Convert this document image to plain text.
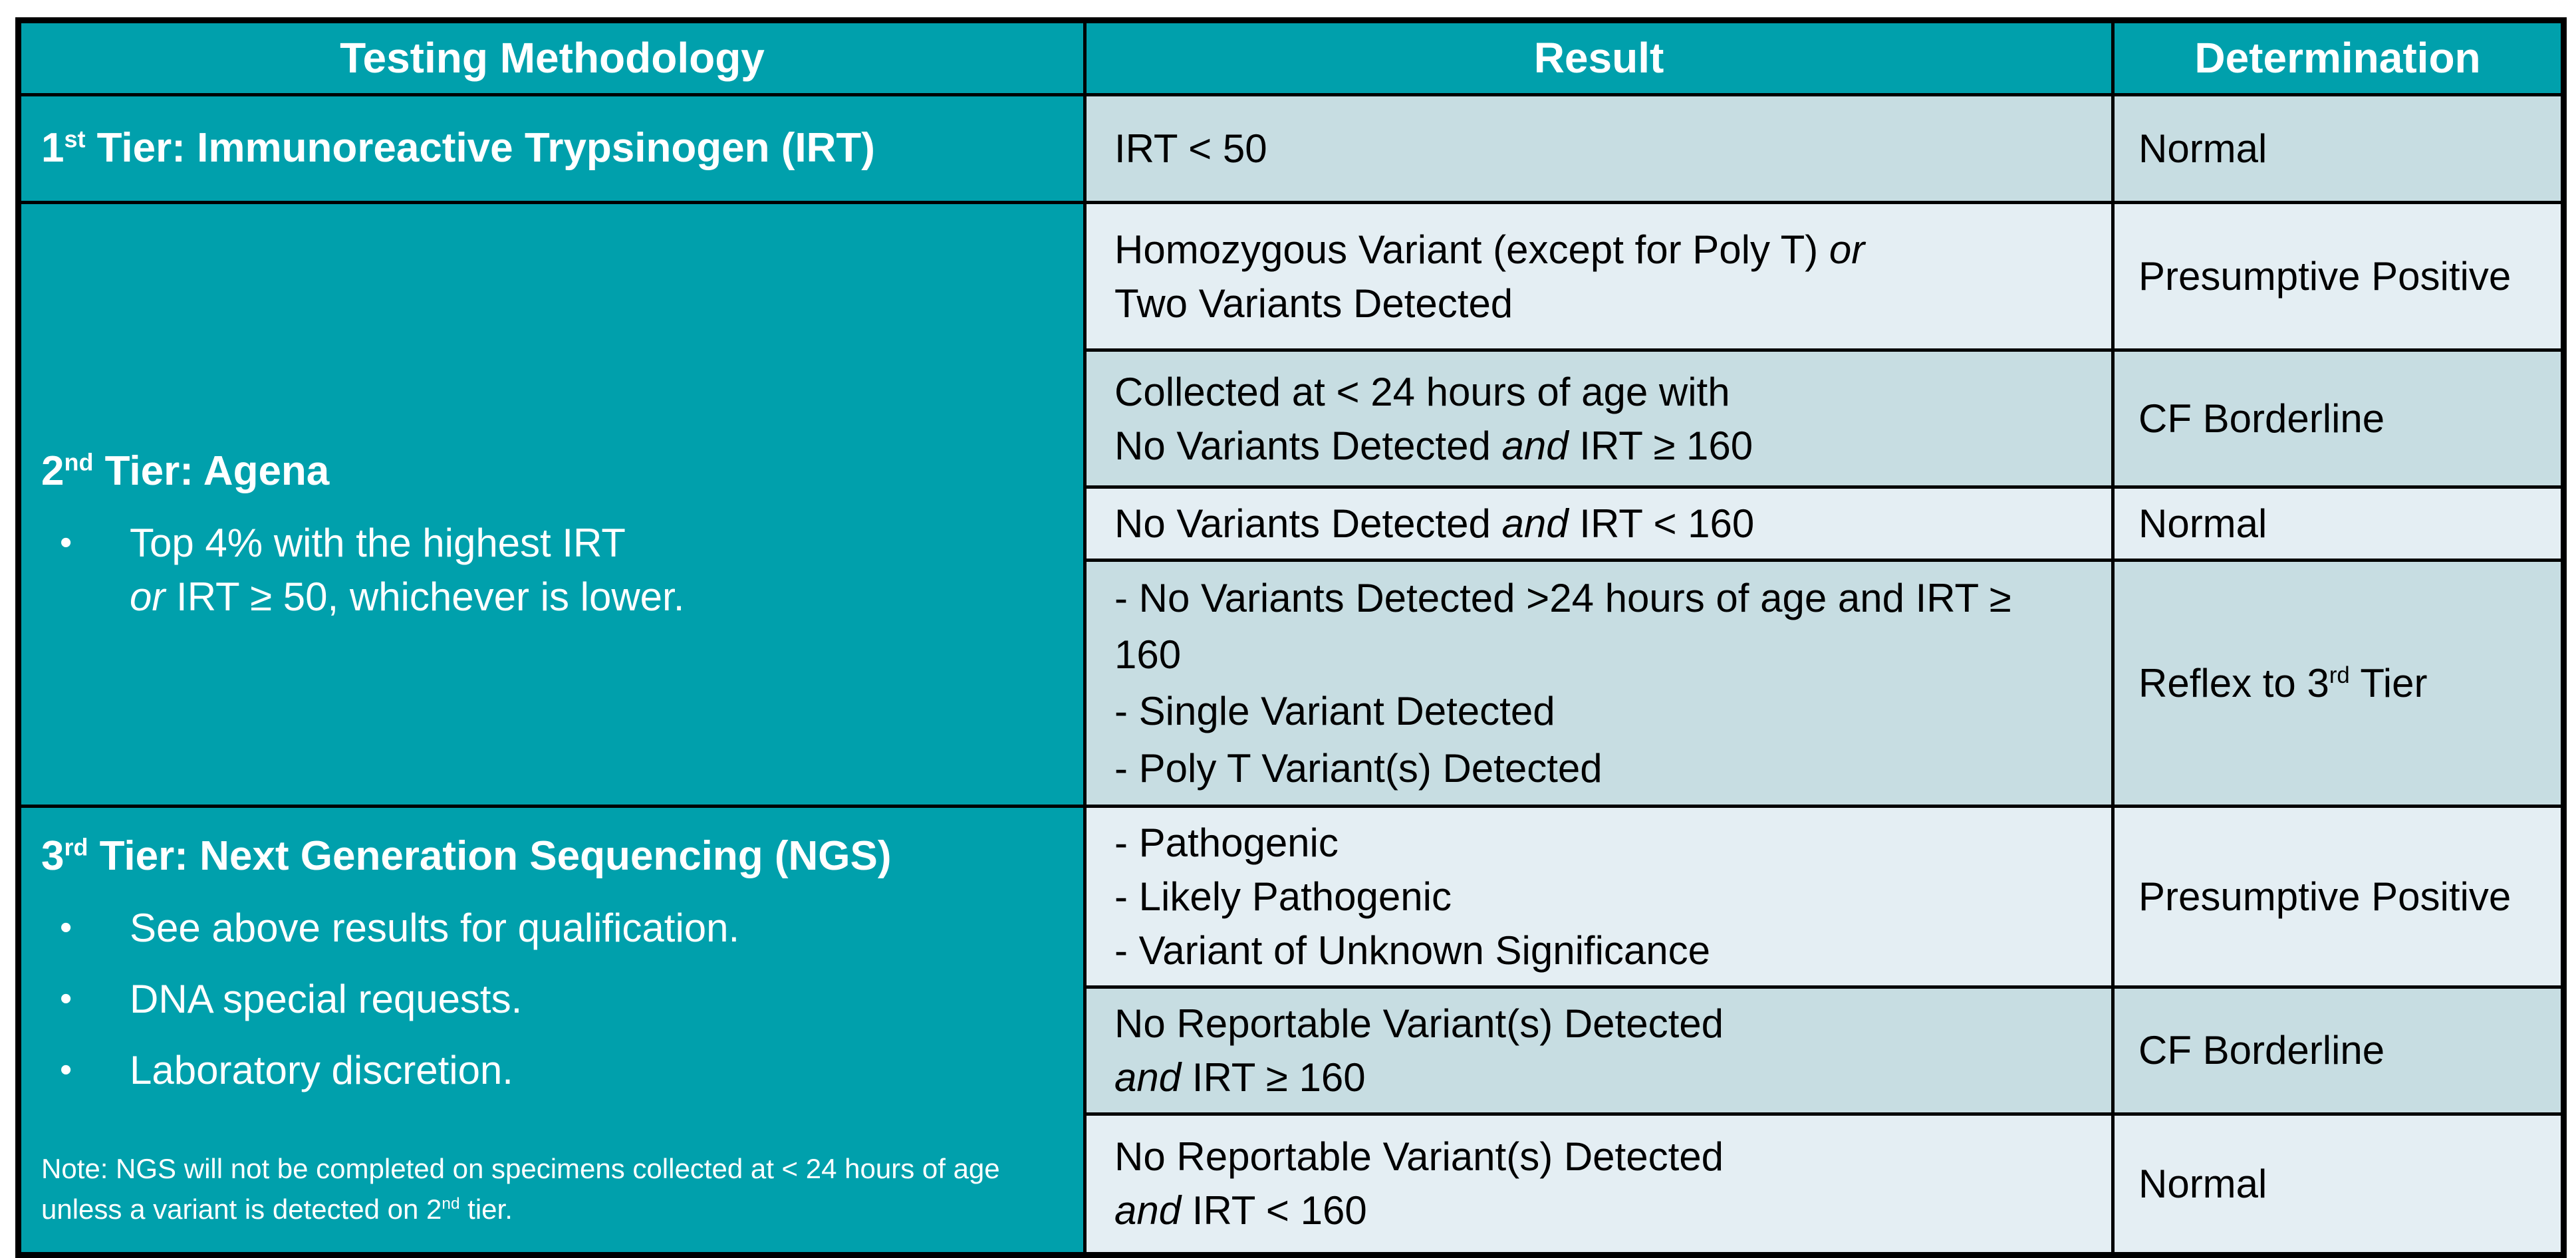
Testing Methodology	Result	Determination

1st Tier: Immunoreactive Trypsinogen (IRT)	IRT < 50	Normal

2nd Tier: Agena
•	Top 4% with the highest IRT
or IRT ≥ 50, whichever is lower.
	Homozygous Variant (except for Poly T) or
Two Variants Detected	Presumptive Positive
	Collected at < 24 hours of age with
No Variants Detected and IRT ≥ 160	CF Borderline
	No Variants Detected and IRT < 160	Normal
	- No Variants Detected >24 hours of age and IRT ≥
160
- Single Variant Detected
- Poly T Variant(s) Detected	Reflex to 3rd Tier

3rd Tier: Next Generation Sequencing (NGS)
•	See above results for qualification.
•	DNA special requests.
•	Laboratory discretion.
Note: NGS will not be completed on specimens collected at < 24 hours of age
unless a variant is detected on 2nd tier.
	- Pathogenic
- Likely Pathogenic
- Variant of Unknown Significance	Presumptive Positive
	No Reportable Variant(s) Detected
and IRT ≥ 160	CF Borderline
	No Reportable Variant(s) Detected
and IRT < 160	Normal
